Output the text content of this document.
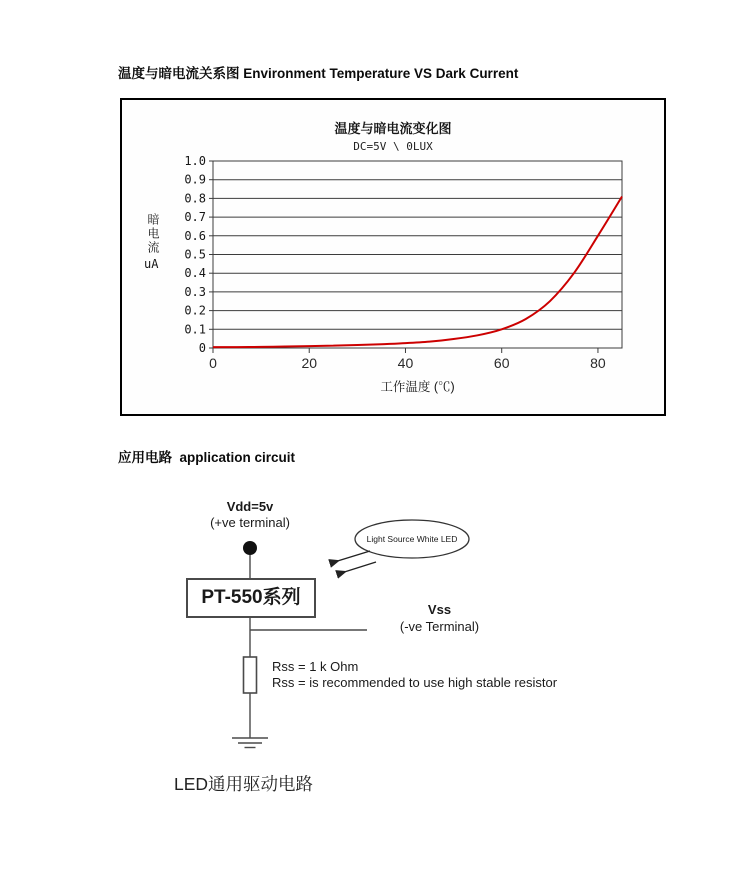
温度与暗电流关系图 Environment Temperature VS Dark Current
温度与暗电流变化图
DC=5V \ 0LUX
暗电流
uA
1.0
0.9
0.8
0.7
0.6
0.5
0.4
0.3
0.2
0.1
0
0	20	40	60	80
工作温度 (℃)
应用电路  application circuit
Light Source White LED
Vdd=5v
(+ve terminal)
PT-550系列
Vss
(-ve Terminal)
Rss = 1 k Ohm
Rss = is recommended to use high stable resistor
LED通用驱动电路
